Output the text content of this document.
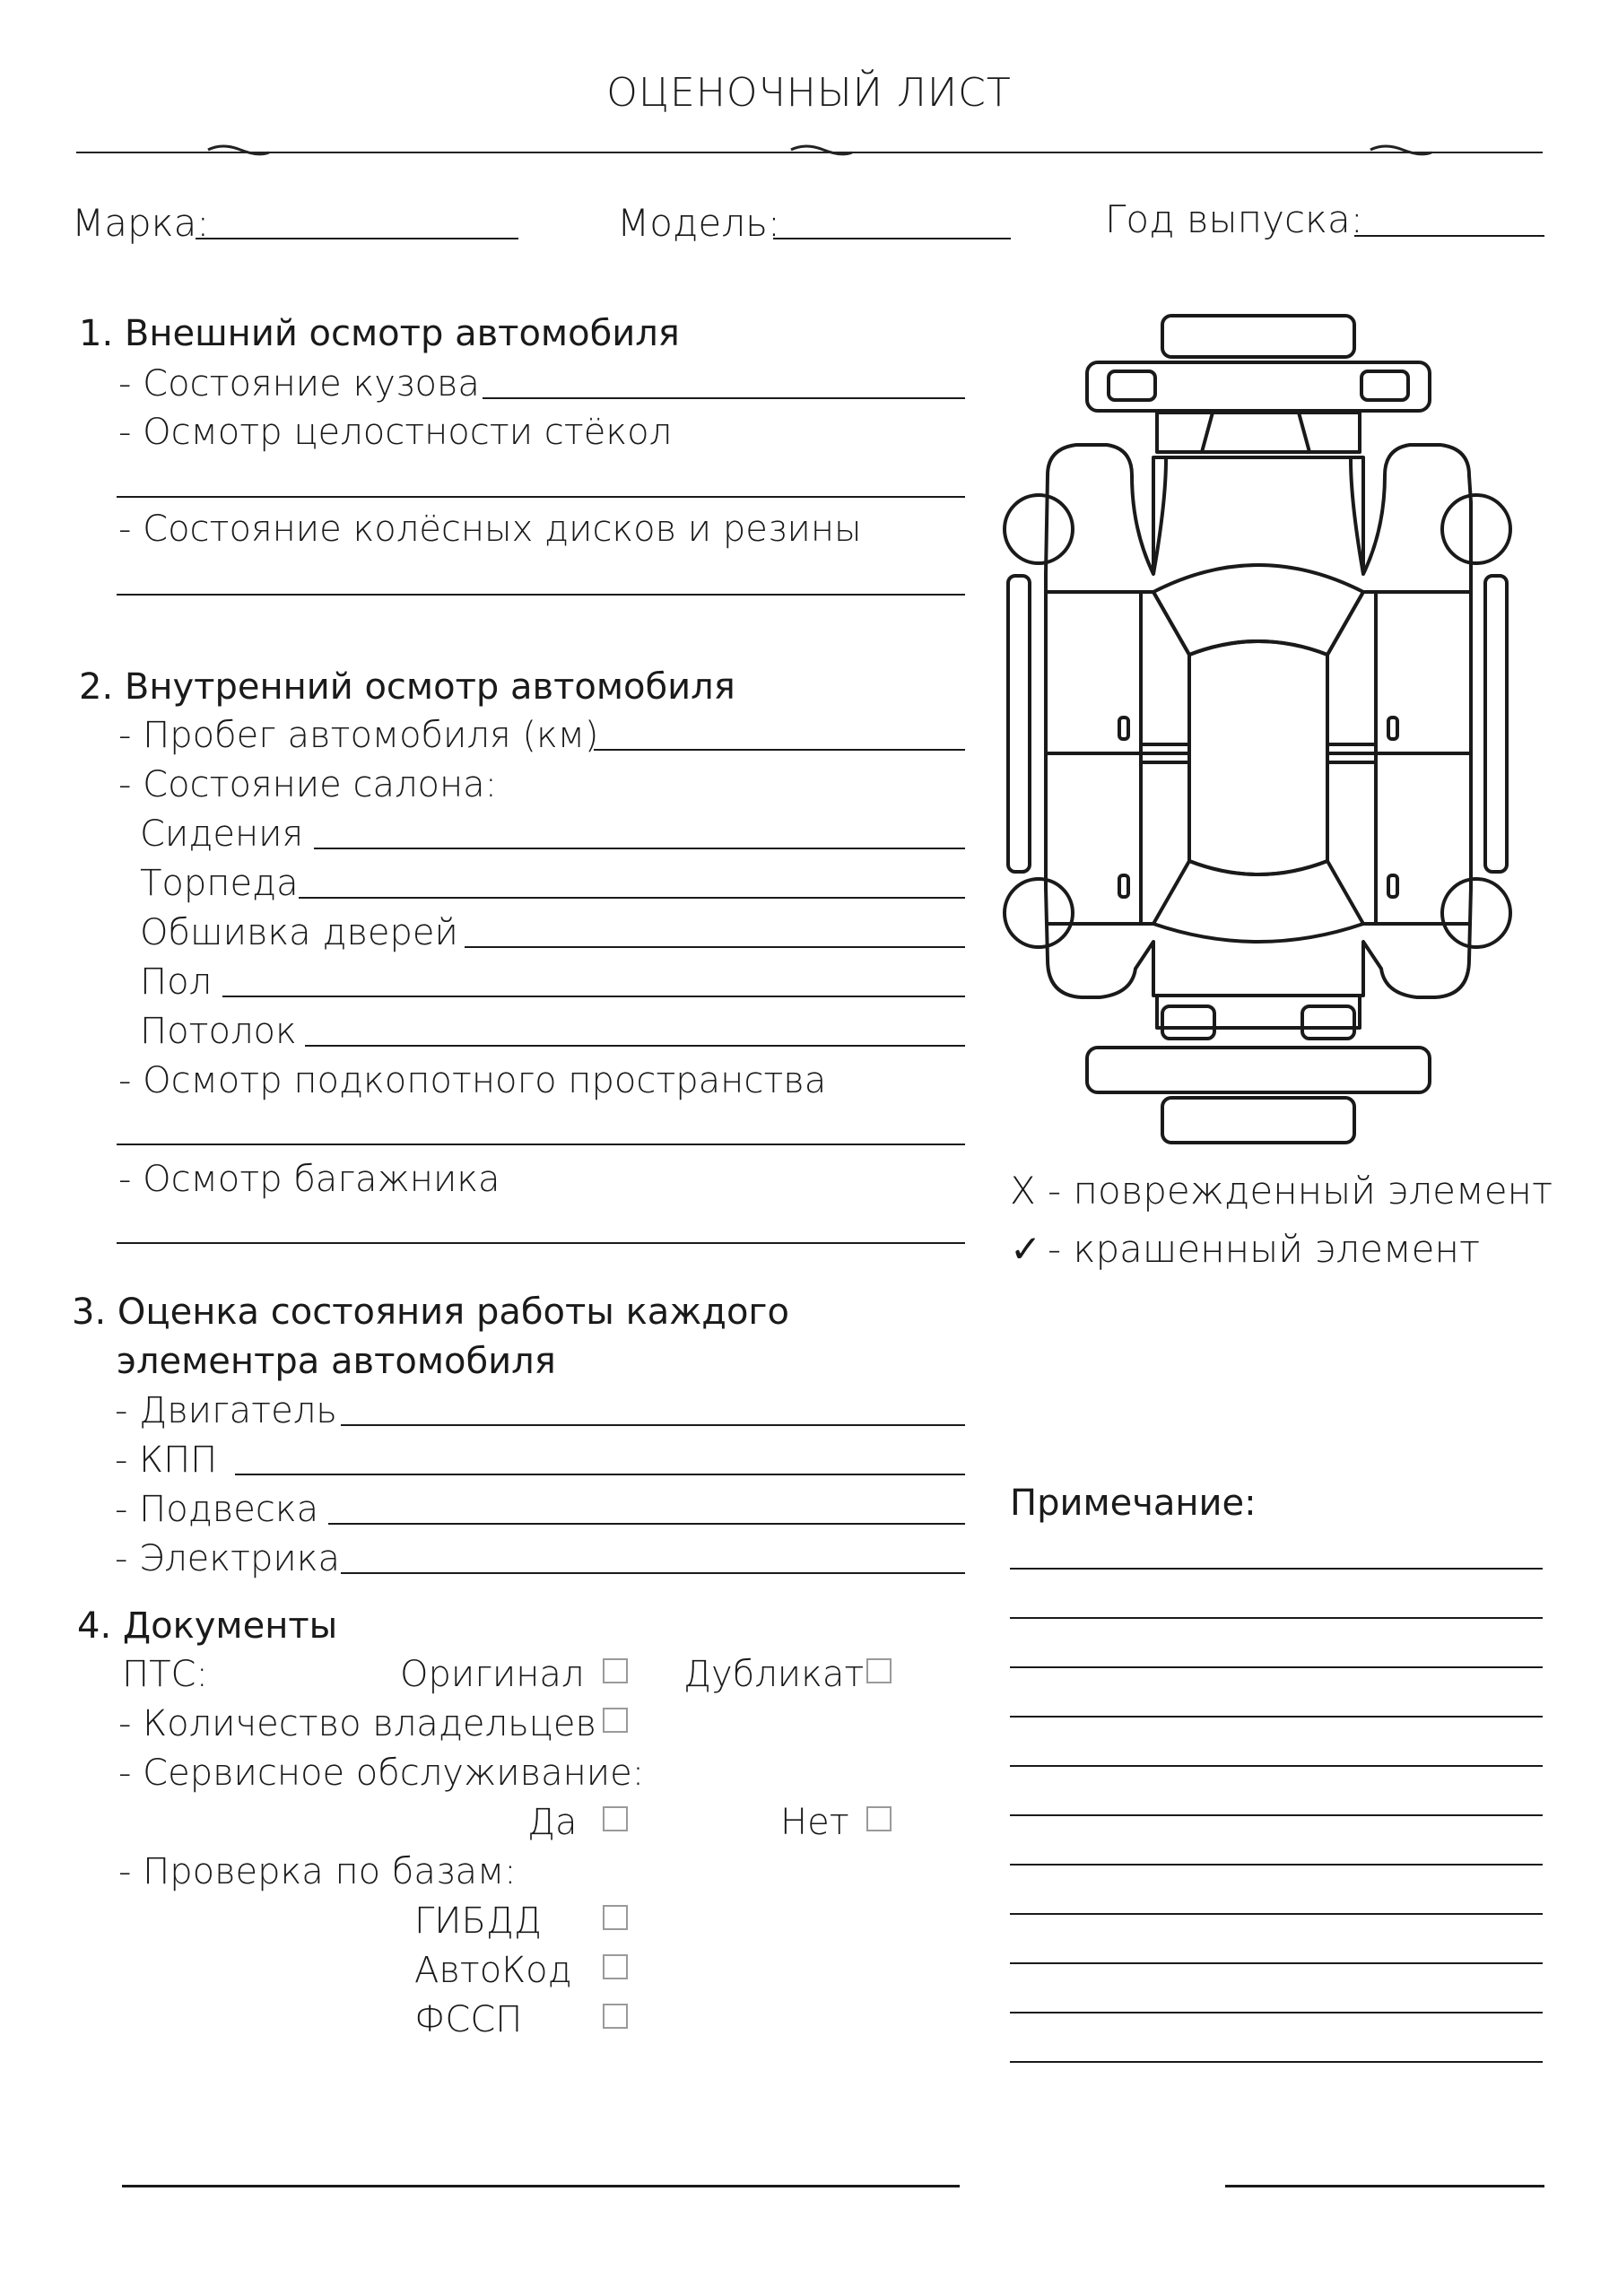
ОЦЕНОЧНЫЙ ЛИСТ
Марка:	Модель:	Год выпуска:
1. Внешний осмотр автомобиля
- Состояние кузова
- Осмотр целостности стёкол
- Состояние колёсных дисков и резины
2. Внутренний осмотр автомобиля
- Пробег автомобиля (км)
- Состояние салона:
Сидения
Торпеда
Обшивка дверей
Пол
Потолок
- Осмотр подкопотного пространства
- Осмотр багажника
3. Оценка состояния работы каждого
элементра автомобиля
- Двигатель
- КПП
- Подвеска
- Электрика
4. Документы
ПТС:	Оригинал	Дубликат
- Количество владельцев
- Сервисное обслуживание:
Да	Нет
- Проверка по базам:
ГИБДД
АвтоКод
ФССП
X - поврежденный элемент
✓ - крашенный элемент
Примечание:
